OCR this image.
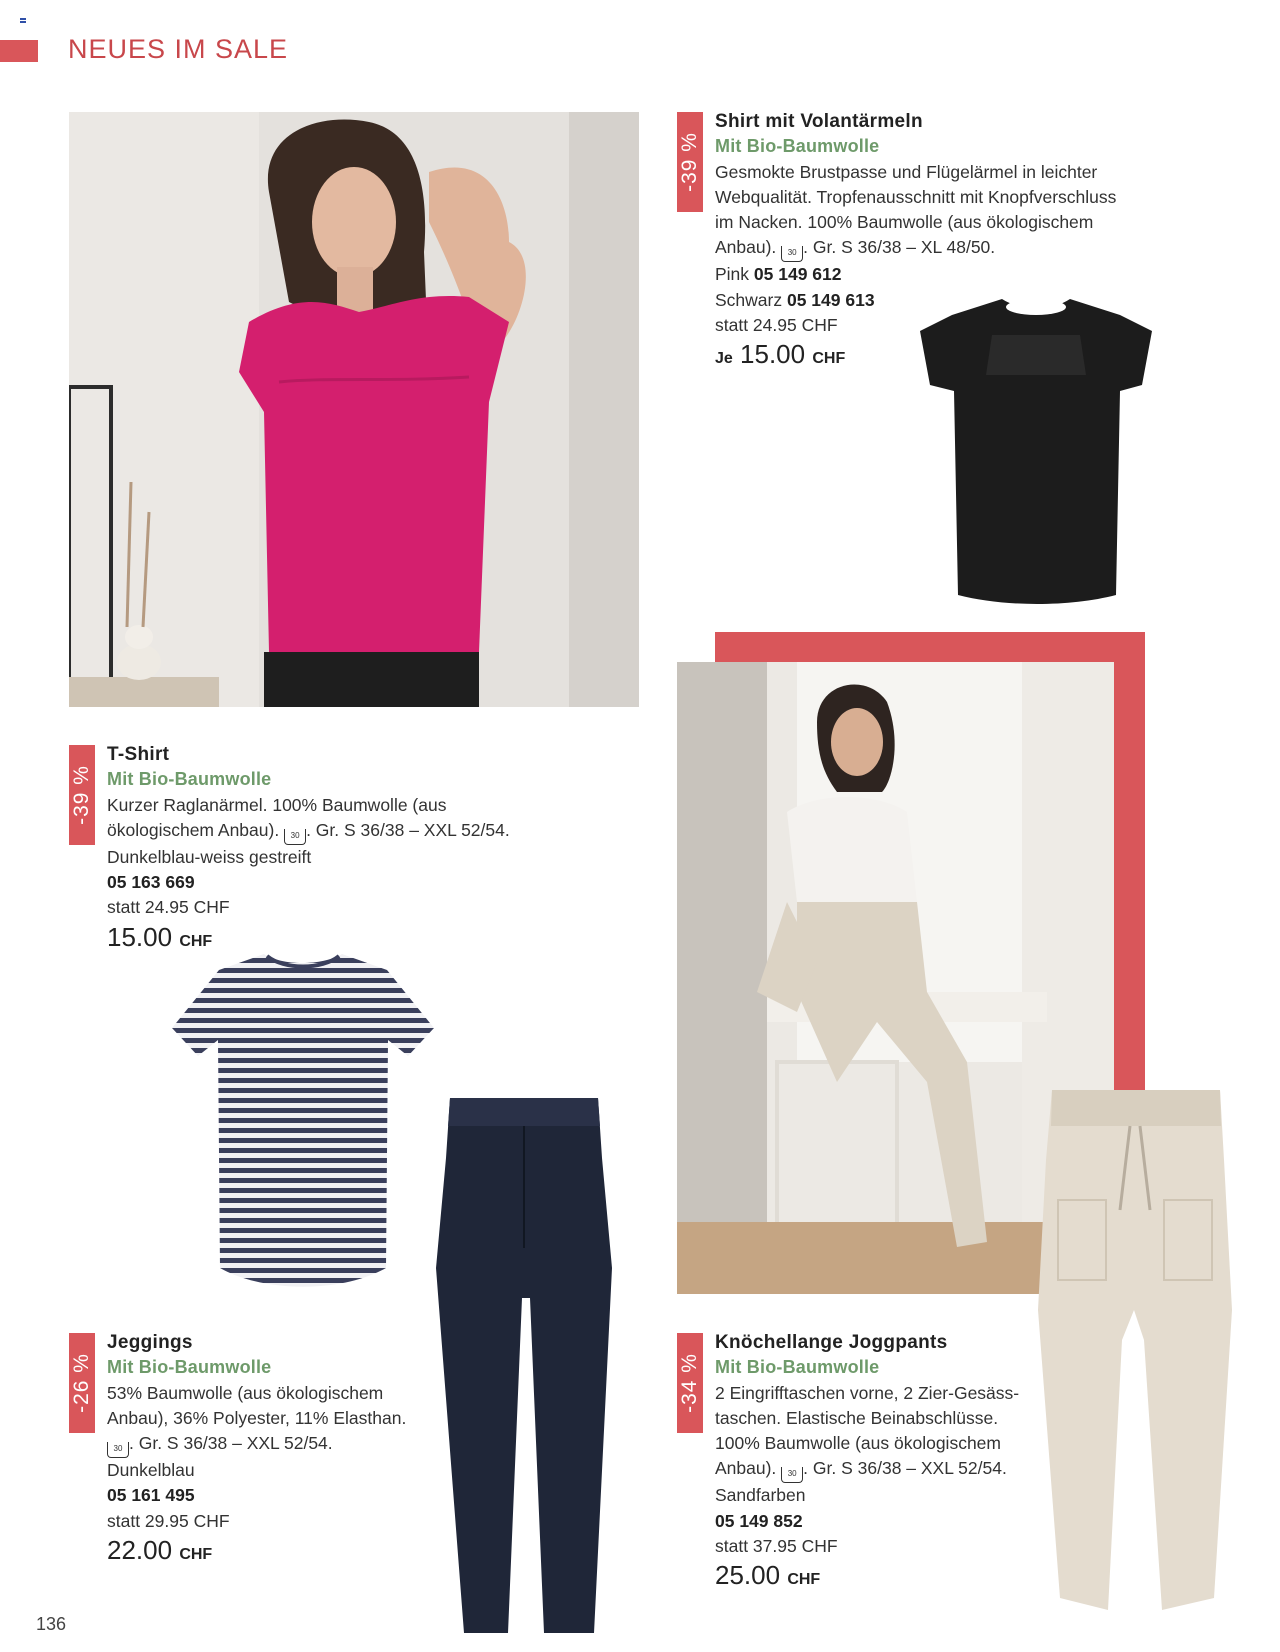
NEUES IM SALE
-39 %
Shirt mit Volantärmeln
Mit Bio-Baumwolle
Gesmokte Brustpasse und Flügelärmel in leichter
Webqualität. Tropfenausschnitt mit Knopfverschluss
im Nacken. 100% Baumwolle (aus ökologischem
Anbau). 30 . Gr. S 36/38 – XL 48/50.
Pink 05 149 612
Schwarz 05 149 613
statt 24.95 CHF
Je 15.00 CHF
-39 %
T-Shirt
Mit Bio-Baumwolle
Kurzer Raglanärmel. 100% Baumwolle (aus
ökologischem Anbau). 30 . Gr. S 36/38 – XXL 52/54.
Dunkelblau-weiss gestreift
05 163 669
statt 24.95 CHF
15.00 CHF
-26 %
Jeggings
Mit Bio-Baumwolle
53% Baumwolle (aus ökologischem
Anbau), 36% Polyester, 11% Elasthan.
30 . Gr. S 36/38 – XXL 52/54.
Dunkelblau
05 161 495
statt 29.95 CHF
22.00 CHF
-34 %
Knöchellange Joggpants
Mit Bio-Baumwolle
2 Eingrifftaschen vorne, 2 Zier-Gesäss-
taschen. Elastische Beinabschlüsse.
100% Baumwolle (aus ökologischem
Anbau). 30 . Gr. S 36/38 – XXL 52/54.
Sandfarben
05 149 852
statt 37.95 CHF
25.00 CHF
136
